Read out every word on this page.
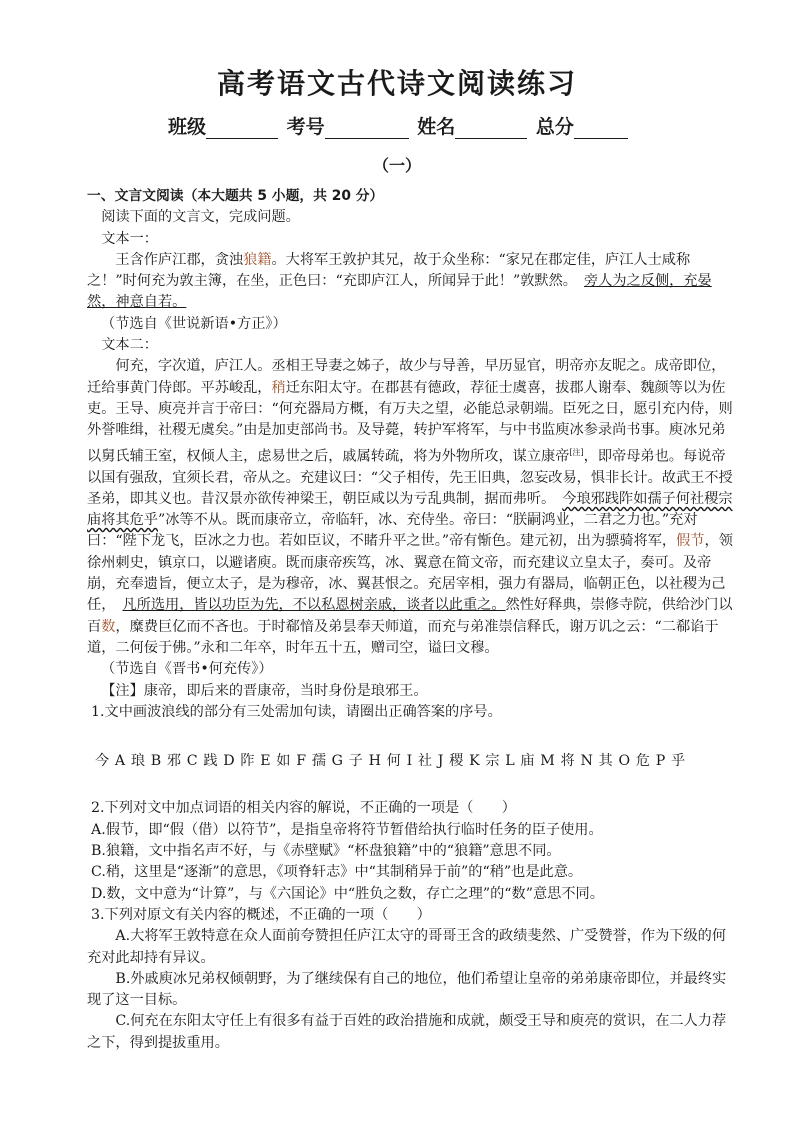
高考语文古代诗文阅读练习
班级	考号	姓名	总分
（一）

一、文言文阅读（本大题共 5 小题，共 20 分）

阅读下面的文言文，完成问题。

文本一：

王含作庐江郡，贪浊狼籍。大将军王敦护其兄，故于众坐称：“家兄在郡定佳，庐江人士咸称之！”时何充为敦主簿，在坐，正色曰：“充即庐江人，所闻异于此！”敦默然。　旁人为之反侧，充晏然，神意自若。

（节选自《世说新语•方正》）

文本二：

何充，字次道，庐江人。丞相王导妻之姊子，故少与导善，早历显官，明帝亦友昵之。成帝即位，迁给事黄门侍郎。平苏峻乱，稍迁东阳太守。在郡甚有德政，荐征士虞喜，拔郡人谢奉、魏颜等以为佐吏。王导、庾亮并言于帝曰：“何充器局方概，有万夫之望，必能总录朝端。臣死之日，愿引充内侍，则外誉唯缉，社稷无虞矣。”由是加吏部尚书。及导薨，转护军将军，与中书监庾冰参录尚书事。庾冰兄弟以舅氏辅王室，权倾人主，虑易世之后，戚属转疏，将为外物所攻，谋立康帝[注]，即帝母弟也。每说帝以国有强敌，宜须长君，帝从之。充建议曰：“父子相传，先王旧典，忽妄改易，惧非长计。故武王不授圣弟，即其义也。昔汉景亦欲传神梁王，朝臣咸以为亏乱典制，据而弗听。　今琅邪践阼如孺子何社稷宗庙将其危乎”冰等不从。既而康帝立，帝临轩，冰、充侍坐。帝曰：“朕嗣鸿业，二君之力也。”充对曰：“陛下龙飞，臣冰之力也。若如臣议，不睹升平之世。”帝有惭色。建元初，出为骠骑将军，假节，领徐州刺史，镇京口，以避诸庾。既而康帝疾笃，冰、翼意在简文帝，而充建议立皇太子，奏可。及帝崩，充奉遗旨，便立太子，是为穆帝，冰、翼甚恨之。充居宰相，强力有器局，临朝正色，以社稷为己任，　凡所选用，皆以功臣为先，不以私恩树亲戚，谈者以此重之。然性好释典，崇修寺院，供给沙门以百数，糜费巨亿而不吝也。于时郗愔及弟昙奉天师道，而充与弟准崇信释氏，谢万讥之云：“二郗谄于道，二何佞于佛。”永和二年卒，时年五十五，赠司空，谥曰文穆。

（节选自《晋书•何充传》）

【注】康帝，即后来的晋康帝，当时身份是琅邪王。

1.文中画波浪线的部分有三处需加句读，请圈出正确答案的序号。

今 A 琅 B 邪 C 践 D 阼 E 如 F 孺 G 子 H 何 I 社 J 稷 K 宗 L 庙 M 将 N 其 O 危 P 乎

2.下列对文中加点词语的相关内容的解说，不正确的一项是（　　）

A.假节，即“假（借）以符节”，是指皇帝将符节暂借给执行临时任务的臣子使用。

B.狼籍，文中指名声不好，与《赤壁赋》“杯盘狼籍”中的“狼籍”意思不同。

C.稍，这里是“逐渐”的意思，《项脊轩志》中“其制稍异于前”的“稍”也是此意。

D.数，文中意为“计算”，与《六国论》中“胜负之数，存亡之理”的“数”意思不同。

3.下列对原文有关内容的概述，不正确的一项（　　）

A.大将军王敦特意在众人面前夸赞担任庐江太守的哥哥王含的政绩斐然、广受赞誉，作为下级的何充对此却持有异议。

B.外戚庾冰兄弟权倾朝野，为了继续保有自己的地位，他们希望让皇帝的弟弟康帝即位，并最终实现了这一目标。

C.何充在东阳太守任上有很多有益于百姓的政治措施和成就，颇受王导和庾亮的赏识，在二人力荐之下，得到提拔重用。
